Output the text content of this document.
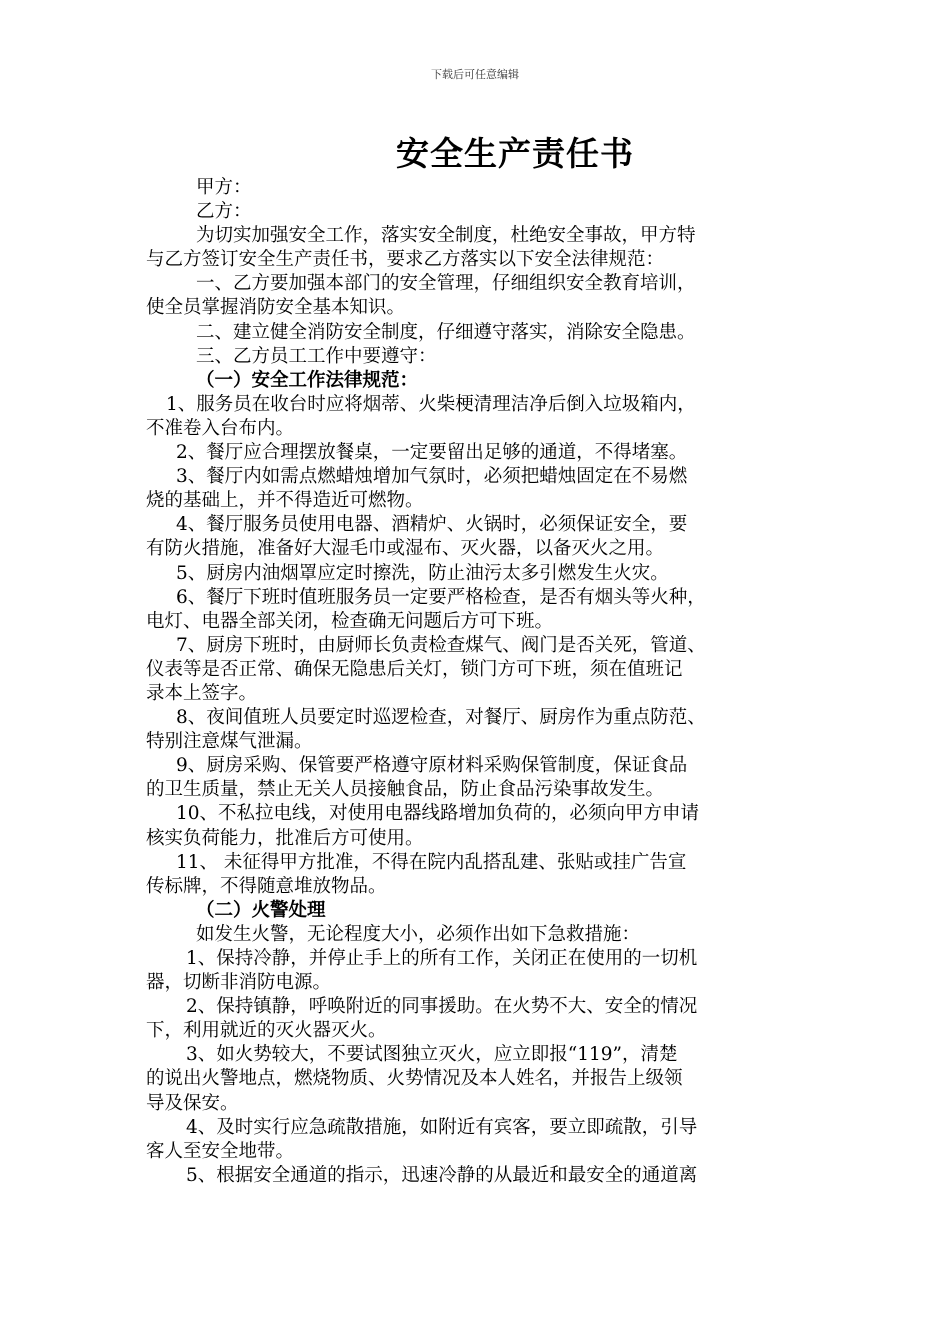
下载后可任意编辑
安全生产责任书
甲方：
乙方：
为切实加强安全工作，落实安全制度，杜绝安全事故，甲方特
与乙方签订安全生产责任书，要求乙方落实以下安全法律规范：
一、乙方要加强本部门的安全管理，仔细组织安全教育培训，
使全员掌握消防安全基本知识。
二、建立健全消防安全制度，仔细遵守落实，消除安全隐患。
三、乙方员工工作中要遵守：
（一）安全工作法律规范：
1、服务员在收台时应将烟蒂、火柴梗清理洁净后倒入垃圾箱内，
不准卷入台布内。
2、餐厅应合理摆放餐桌，一定要留出足够的通道，不得堵塞。
3、餐厅内如需点燃蜡烛增加气氛时，必须把蜡烛固定在不易燃
烧的基础上，并不得造近可燃物。
4、餐厅服务员使用电器、酒精炉、火锅时，必须保证安全，要
有防火措施，准备好大湿毛巾或湿布、灭火器，以备灭火之用。
5、厨房内油烟罩应定时擦洗，防止油污太多引燃发生火灾。
6、餐厅下班时值班服务员一定要严格检查，是否有烟头等火种，
电灯、电器全部关闭，检查确无问题后方可下班。
7、厨房下班时，由厨师长负责检查煤气、阀门是否关死，管道、
仪表等是否正常、确保无隐患后关灯，锁门方可下班，须在值班记
录本上签字。
8、夜间值班人员要定时巡逻检查，对餐厅、厨房作为重点防范、
特别注意煤气泄漏。
9、厨房采购、保管要严格遵守原材料采购保管制度，保证食品
的卫生质量，禁止无关人员接触食品，防止食品污染事故发生。
10、不私拉电线，对使用电器线路增加负荷的，必须向甲方申请
核实负荷能力，批准后方可使用。
11、 未征得甲方批准，不得在院内乱搭乱建、张贴或挂广告宣
传标牌，不得随意堆放物品。
（二）火警处理
如发生火警，无论程度大小，必须作出如下急救措施：
1、保持冷静，并停止手上的所有工作，关闭正在使用的一切机
器，切断非消防电源。
2、保持镇静，呼唤附近的同事援助。在火势不大、安全的情况
下，利用就近的灭火器灭火。
3、如火势较大，不要试图独立灭火，应立即报“119”，清楚
的说出火警地点，燃烧物质、火势情况及本人姓名，并报告上级领
导及保安。
4、及时实行应急疏散措施，如附近有宾客，要立即疏散，引导
客人至安全地带。
5、根据安全通道的指示，迅速冷静的从最近和最安全的通道离
